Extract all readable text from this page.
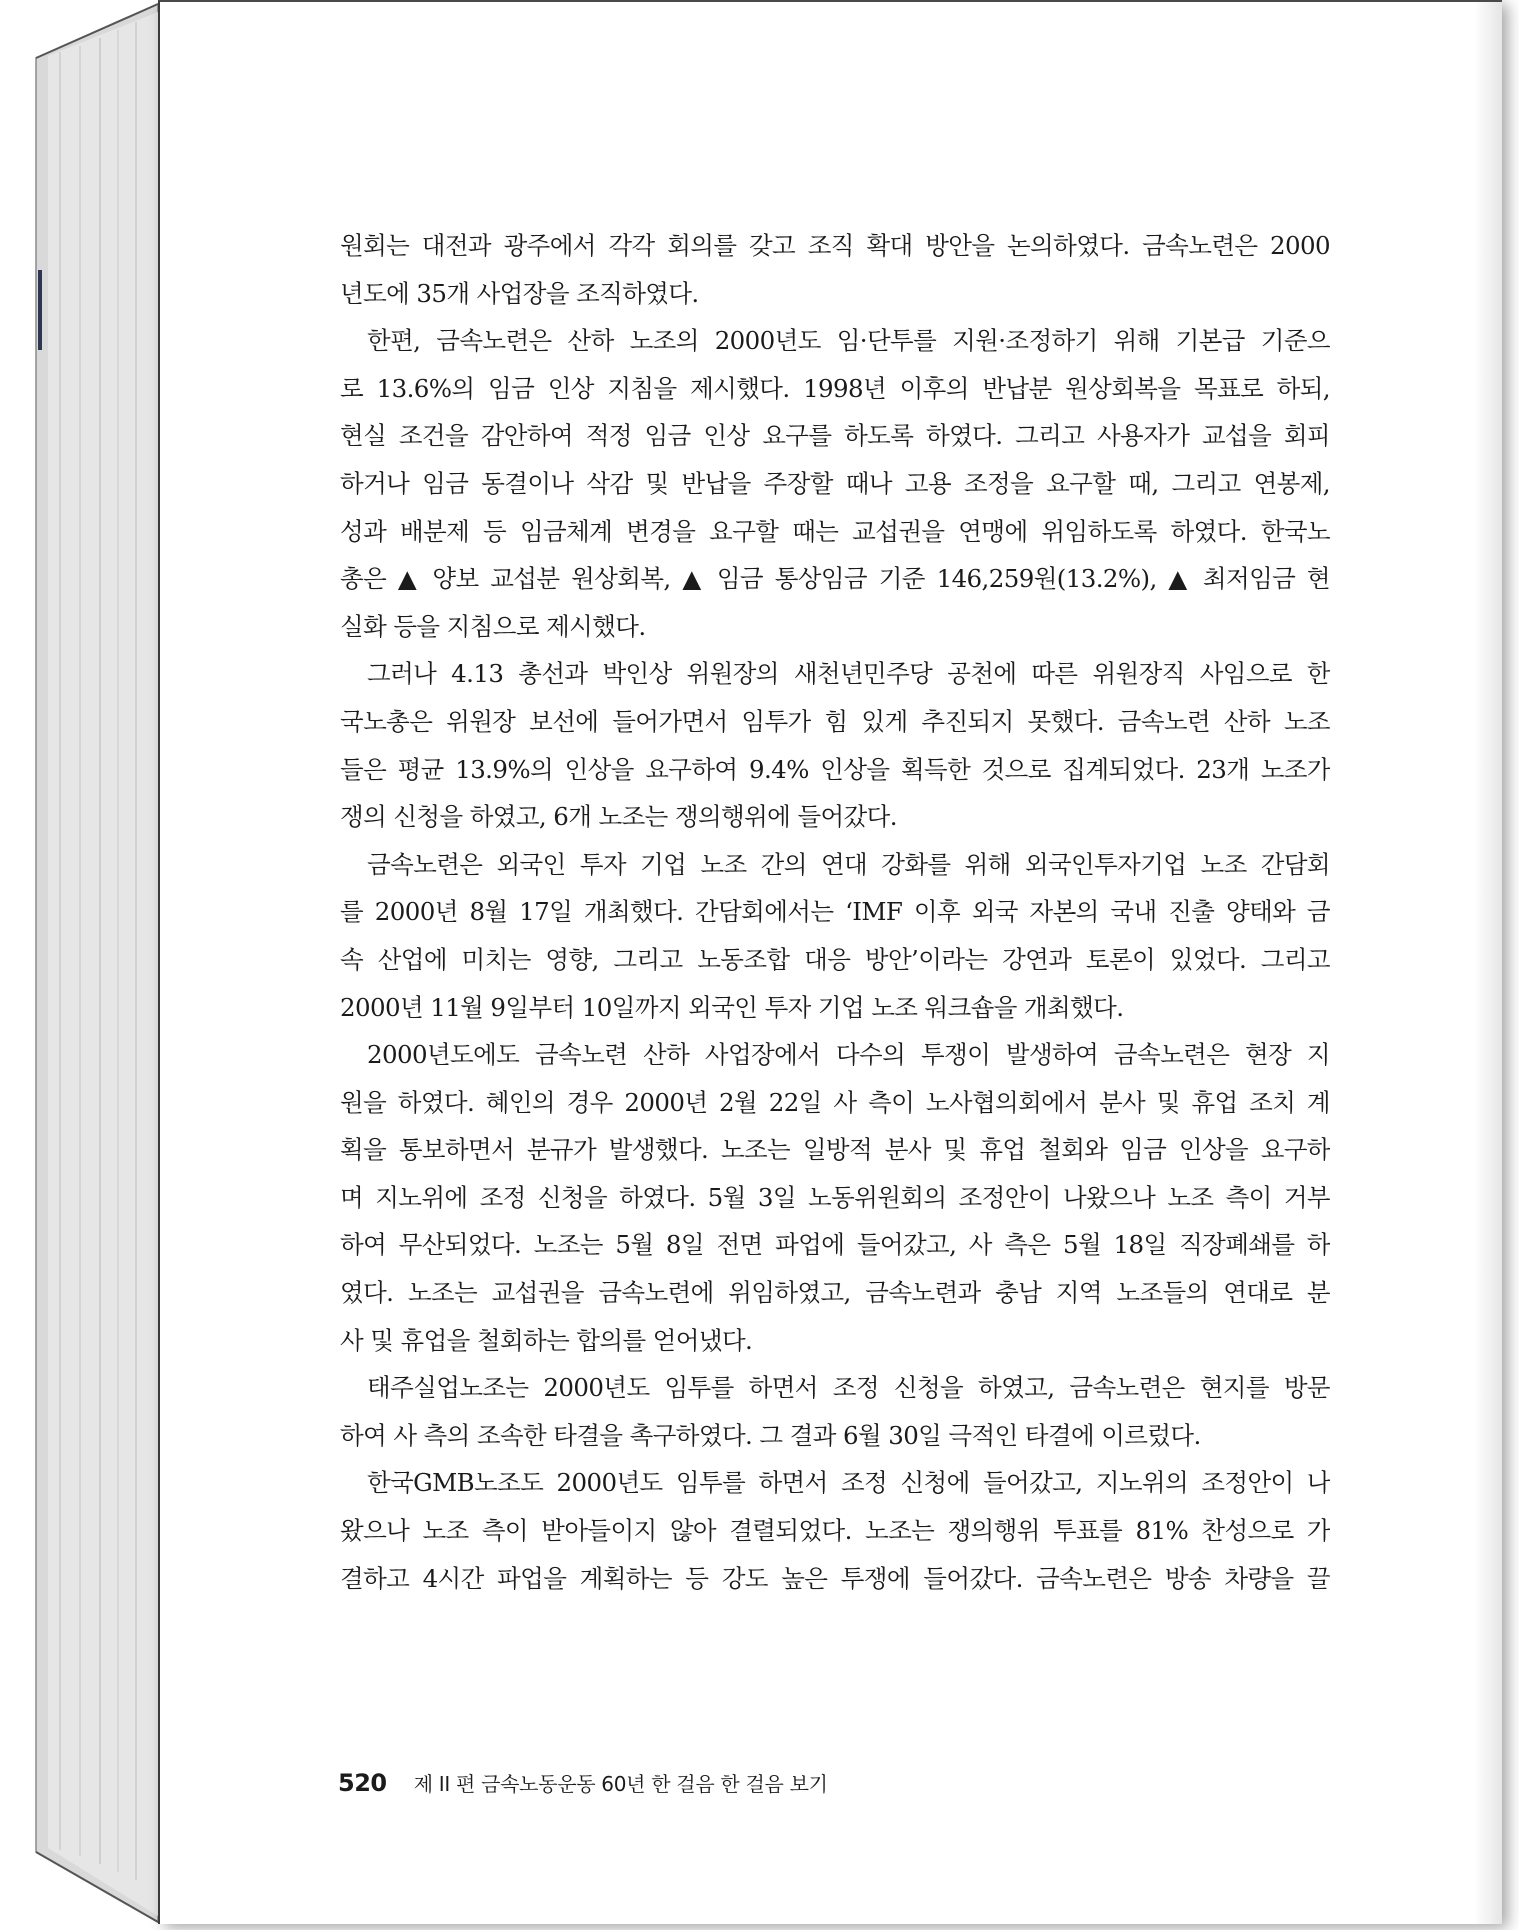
원회는 대전과 광주에서 각각 회의를 갖고 조직 확대 방안을 논의하였다. 금속노련은 2000
년도에 35개 사업장을 조직하였다.
한편, 금속노련은 산하 노조의 2000년도 임·단투를 지원·조정하기 위해 기본급 기준으
로 13.6%의 임금 인상 지침을 제시했다. 1998년 이후의 반납분 원상회복을 목표로 하되,
현실 조건을 감안하여 적정 임금 인상 요구를 하도록 하였다. 그리고 사용자가 교섭을 회피
하거나 임금 동결이나 삭감 및 반납을 주장할 때나 고용 조정을 요구할 때, 그리고 연봉제,
성과 배분제 등 임금체계 변경을 요구할 때는 교섭권을 연맹에 위임하도록 하였다. 한국노
총은 ▲ 양보 교섭분 원상회복, ▲ 임금 통상임금 기준 146,259원(13.2%), ▲ 최저임금 현
실화 등을 지침으로 제시했다.
그러나 4.13 총선과 박인상 위원장의 새천년민주당 공천에 따른 위원장직 사임으로 한
국노총은 위원장 보선에 들어가면서 임투가 힘 있게 추진되지 못했다. 금속노련 산하 노조
들은 평균 13.9%의 인상을 요구하여 9.4% 인상을 획득한 것으로 집계되었다. 23개 노조가
쟁의 신청을 하였고, 6개 노조는 쟁의행위에 들어갔다.
금속노련은 외국인 투자 기업 노조 간의 연대 강화를 위해 외국인투자기업 노조 간담회
를 2000년 8월 17일 개최했다. 간담회에서는 ‘IMF 이후 외국 자본의 국내 진출 양태와 금
속 산업에 미치는 영향, 그리고 노동조합 대응 방안’이라는 강연과 토론이 있었다. 그리고
2000년 11월 9일부터 10일까지 외국인 투자 기업 노조 워크숍을 개최했다.
2000년도에도 금속노련 산하 사업장에서 다수의 투쟁이 발생하여 금속노련은 현장 지
원을 하였다. 혜인의 경우 2000년 2월 22일 사 측이 노사협의회에서 분사 및 휴업 조치 계
획을 통보하면서 분규가 발생했다. 노조는 일방적 분사 및 휴업 철회와 임금 인상을 요구하
며 지노위에 조정 신청을 하였다. 5월 3일 노동위원회의 조정안이 나왔으나 노조 측이 거부
하여 무산되었다. 노조는 5월 8일 전면 파업에 들어갔고, 사 측은 5월 18일 직장폐쇄를 하
였다. 노조는 교섭권을 금속노련에 위임하였고, 금속노련과 충남 지역 노조들의 연대로 분
사 및 휴업을 철회하는 합의를 얻어냈다.
태주실업노조는 2000년도 임투를 하면서 조정 신청을 하였고, 금속노련은 현지를 방문
하여 사 측의 조속한 타결을 촉구하였다. 그 결과 6월 30일 극적인 타결에 이르렀다.
한국GMB노조도 2000년도 임투를 하면서 조정 신청에 들어갔고, 지노위의 조정안이 나
왔으나 노조 측이 받아들이지 않아 결렬되었다. 노조는 쟁의행위 투표를 81% 찬성으로 가
결하고 4시간 파업을 계획하는 등 강도 높은 투쟁에 들어갔다. 금속노련은 방송 차량을 끌
520 제 II 편 금속노동운동 60년 한 걸음 한 걸음 보기
